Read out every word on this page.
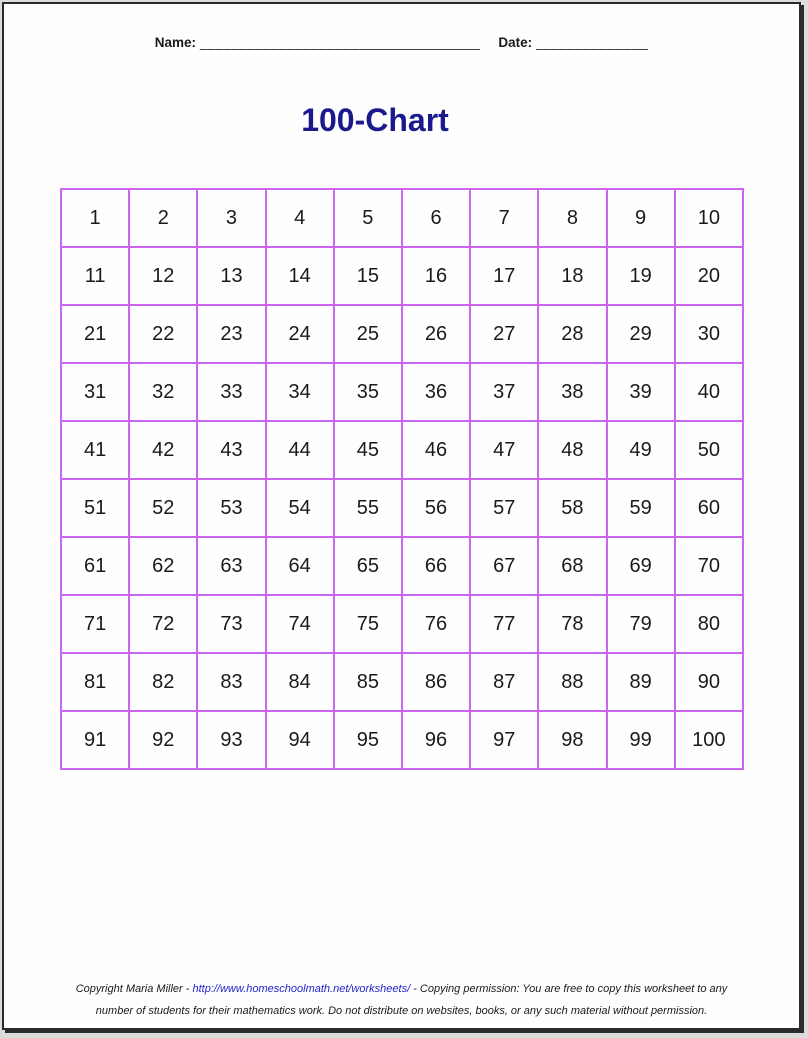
Name: ___________________________________ Date: ______________
100-Chart
1	2	3	4	5	6	7	8	9	10
11	12	13	14	15	16	17	18	19	20
21	22	23	24	25	26	27	28	29	30
31	32	33	34	35	36	37	38	39	40
41	42	43	44	45	46	47	48	49	50
51	52	53	54	55	56	57	58	59	60
61	62	63	64	65	66	67	68	69	70
71	72	73	74	75	76	77	78	79	80
81	82	83	84	85	86	87	88	89	90
91	92	93	94	95	96	97	98	99	100
Copyright Maria Miller - http://www.homeschoolmath.net/worksheets/ - Copying permission: You are free to copy this worksheet to any
number of students for their mathematics work. Do not distribute on websites, books, or any such material without permission.
